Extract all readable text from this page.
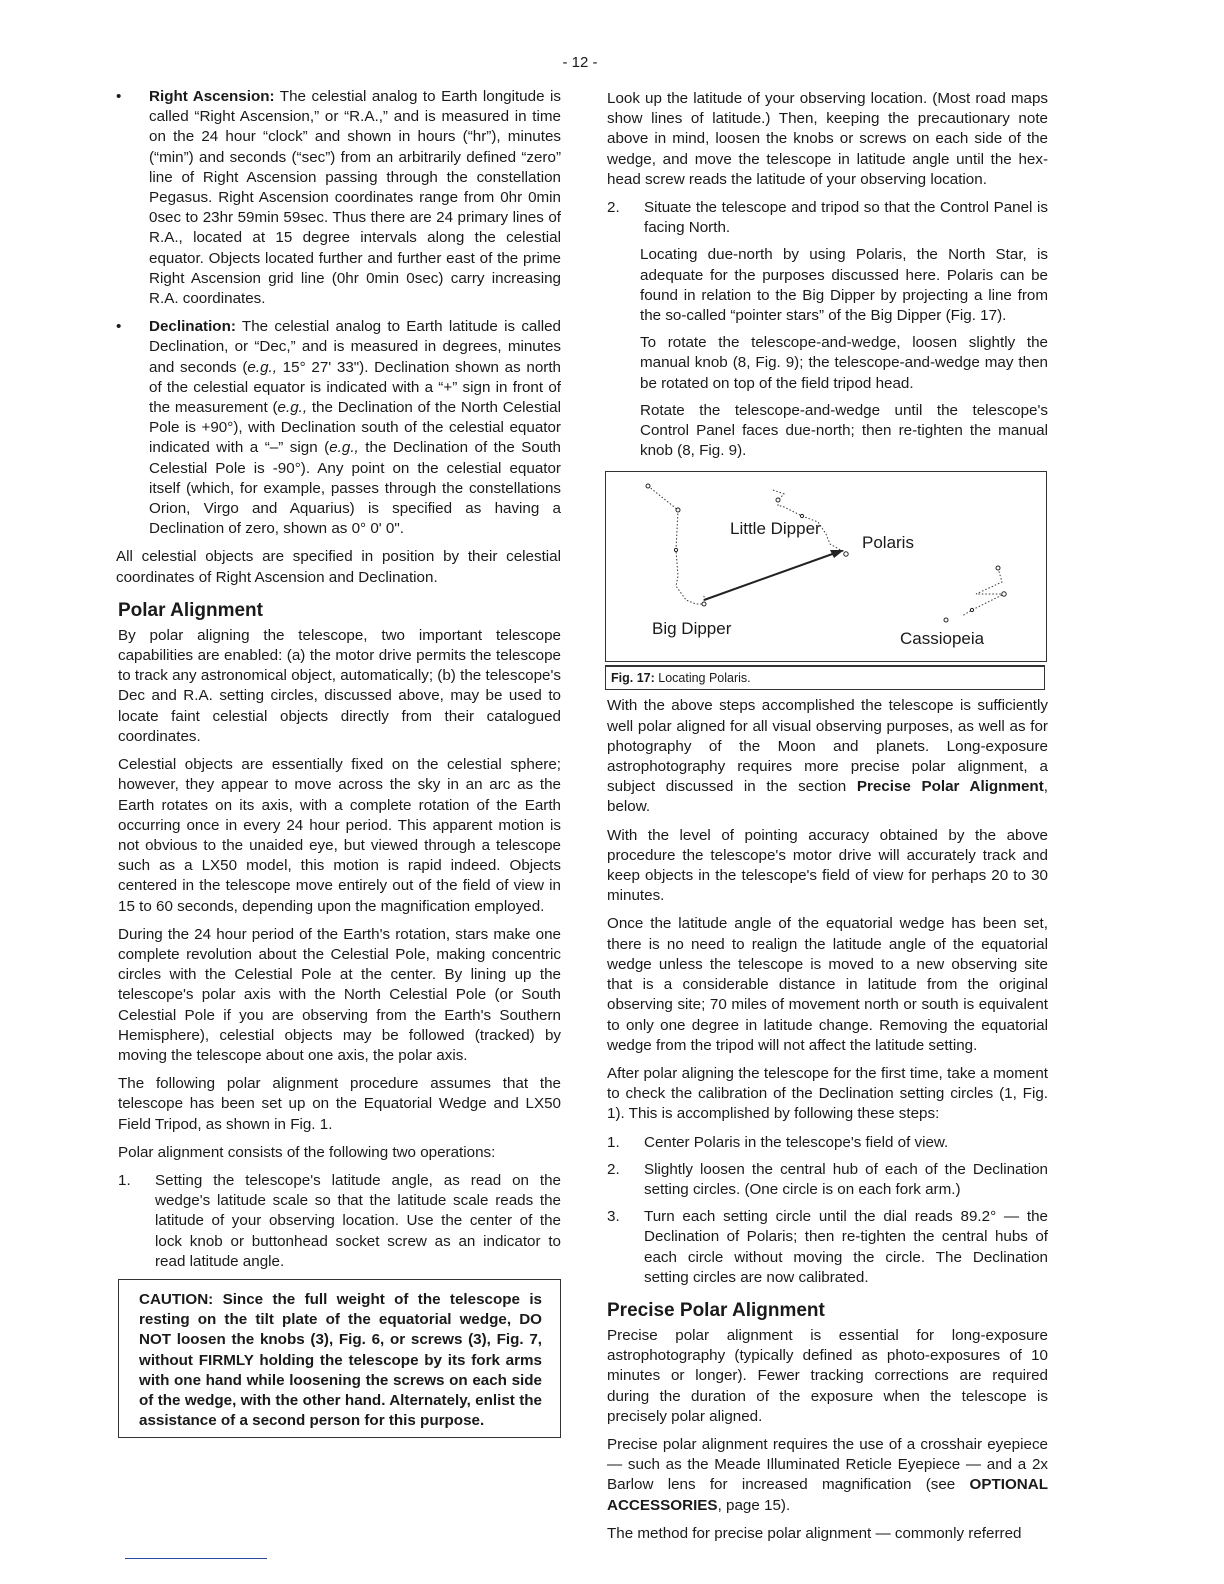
- 12 -
• Right Ascension: The celestial analog to Earth longitude is called “Right Ascension,” or “R.A.,” and is measured in time on the 24 hour “clock” and shown in hours (“hr”), minutes (“min”) and seconds (“sec”) from an arbitrarily defined “zero” line of Right Ascension passing through the constellation Pegasus. Right Ascension coordinates range from 0hr 0min 0sec to 23hr 59min 59sec. Thus there are 24 primary lines of R.A., located at 15 degree intervals along the celestial equator. Objects located further and further east of the prime Right Ascension grid line (0hr 0min 0sec) carry increasing R.A. coordinates.
• Declination: The celestial analog to Earth latitude is called Declination, or “Dec,” and is measured in degrees, minutes and seconds (e.g., 15° 27' 33"). Declination shown as north of the celestial equator is indicated with a “+” sign in front of the measurement (e.g., the Declination of the North Celestial Pole is +90°), with Declination south of the celestial equator indicated with a “–” sign (e.g., the Declination of the South Celestial Pole is -90°). Any point on the celestial equator itself (which, for example, passes through the constellations Orion, Virgo and Aquarius) is specified as having a Declination of zero, shown as 0° 0' 0".

All celestial objects are specified in position by their celestial coordinates of Right Ascension and Declination.

Polar Alignment

By polar aligning the telescope, two important telescope capabilities are enabled: (a) the motor drive permits the telescope to track any astronomical object, automatically; (b) the telescope's Dec and R.A. setting circles, discussed above, may be used to locate faint celestial objects directly from their catalogued coordinates.

Celestial objects are essentially fixed on the celestial sphere; however, they appear to move across the sky in an arc as the Earth rotates on its axis, with a complete rotation of the Earth occurring once in every 24 hour period. This apparent motion is not obvious to the unaided eye, but viewed through a telescope such as a LX50 model, this motion is rapid indeed. Objects centered in the telescope move entirely out of the field of view in 15 to 60 seconds, depending upon the magnification employed.

During the 24 hour period of the Earth's rotation, stars make one complete revolution about the Celestial Pole, making concentric circles with the Celestial Pole at the center. By lining up the telescope's polar axis with the North Celestial Pole (or South Celestial Pole if you are observing from the Earth's Southern Hemisphere), celestial objects may be followed (tracked) by moving the telescope about one axis, the polar axis.

The following polar alignment procedure assumes that the telescope has been set up on the Equatorial Wedge and LX50 Field Tripod, as shown in Fig. 1.

Polar alignment consists of the following two operations:

1. Setting the telescope's latitude angle, as read on the wedge's latitude scale so that the latitude scale reads the latitude of your observing location. Use the center of the lock knob or buttonhead socket screw as an indicator to read latitude angle.
CAUTION: Since the full weight of the telescope is resting on the tilt plate of the equatorial wedge, DO NOT loosen the knobs (3), Fig. 6, or screws (3), Fig. 7, without FIRMLY holding the telescope by its fork arms with one hand while loosening the screws on each side of the wedge, with the other hand. Alternately, enlist the assistance of a second person for this purpose.

Look up the latitude of your observing location. (Most road maps show lines of latitude.) Then, keeping the precautionary note above in mind, loosen the knobs or screws on each side of the wedge, and move the telescope in latitude angle until the hex-head screw reads the latitude of your observing location.

2. Situate the telescope and tripod so that the Control Panel is facing North.
Locating due-north by using Polaris, the North Star, is adequate for the purposes discussed here. Polaris can be found in relation to the Big Dipper by projecting a line from the so-called “pointer stars” of the Big Dipper (Fig. 17).
To rotate the telescope-and-wedge, loosen slightly the manual knob (8, Fig. 9); the telescope-and-wedge may then be rotated on top of the field tripod head.
Rotate the telescope-and-wedge until the telescope's Control Panel faces due-north; then re-tighten the manual knob (8, Fig. 9).
Little Dipper
Polaris
Big Dipper
Cassiopeia
Fig. 17: Locating Polaris.

With the above steps accomplished the telescope is sufficiently well polar aligned for all visual observing purposes, as well as for photography of the Moon and planets. Long-exposure astrophotography requires more precise polar alignment, a subject discussed in the section Precise Polar Alignment, below.

With the level of pointing accuracy obtained by the above procedure the telescope's motor drive will accurately track and keep objects in the telescope's field of view for perhaps 20 to 30 minutes.

Once the latitude angle of the equatorial wedge has been set, there is no need to realign the latitude angle of the equatorial wedge unless the telescope is moved to a new observing site that is a considerable distance in latitude from the original observing site; 70 miles of movement north or south is equivalent to only one degree in latitude change. Removing the equatorial wedge from the tripod will not affect the latitude setting.

After polar aligning the telescope for the first time, take a moment to check the calibration of the Declination setting circles (1, Fig. 1). This is accomplished by following these steps:

1. Center Polaris in the telescope's field of view.
2. Slightly loosen the central hub of each of the Declination setting circles. (One circle is on each fork arm.)
3. Turn each setting circle until the dial reads 89.2° — the Declination of Polaris; then re-tighten the central hubs of each circle without moving the circle. The Declination setting circles are now calibrated.
Precise Polar Alignment

Precise polar alignment is essential for long-exposure astrophotography (typically defined as photo-exposures of 10 minutes or longer). Fewer tracking corrections are required during the duration of the exposure when the telescope is precisely polar aligned.

Precise polar alignment requires the use of a crosshair eyepiece — such as the Meade Illuminated Reticle Eyepiece — and a 2x Barlow lens for increased magnification (see OPTIONAL ACCESSORIES, page 15).

The method for precise polar alignment — commonly referred
